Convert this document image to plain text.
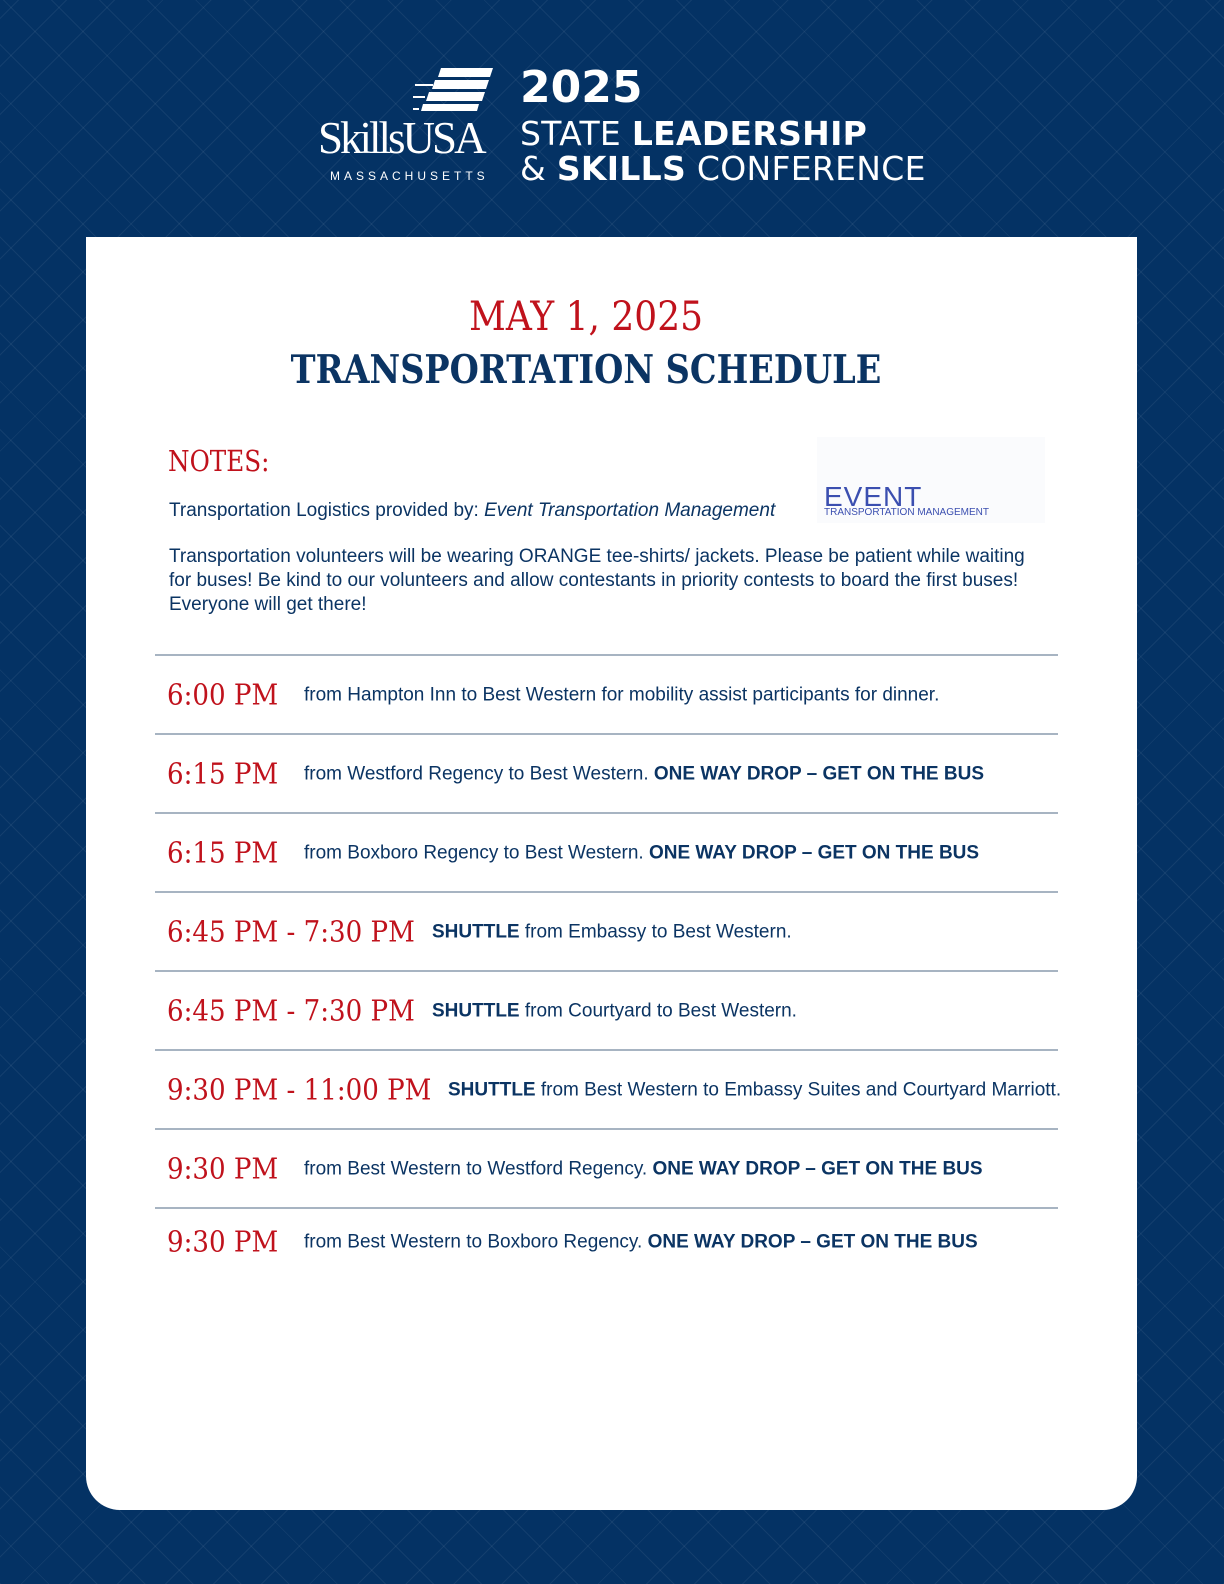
SkillsUSA
MASSACHUSETTS
2025
STATE LEADERSHIP
& SKILLS CONFERENCE
MAY 1, 2025
TRANSPORTATION SCHEDULE
NOTES:
Transportation Logistics provided by: Event Transportation Management EVENT
TRANSPORTATION MANAGEMENT
Transportation volunteers will be wearing ORANGE tee-shirts/ jackets. Please be patient while waiting for buses! Be kind to our volunteers and allow contestants in priority contests to board the first buses! Everyone will get there!
6:00 PM from Hampton Inn to Best Western for mobility assist participants for dinner.
6:15 PM from Westford Regency to Best Western. ONE WAY DROP – GET ON THE BUS
6:15 PM from Boxboro Regency to Best Western. ONE WAY DROP – GET ON THE BUS
6:45 PM - 7:30 PM SHUTTLE from Embassy to Best Western.
6:45 PM - 7:30 PM SHUTTLE from Courtyard to Best Western.
9:30 PM - 11:00 PM SHUTTLE from Best Western to Embassy Suites and Courtyard Marriott.
9:30 PM from Best Western to Westford Regency. ONE WAY DROP – GET ON THE BUS
9:30 PM from Best Western to Boxboro Regency. ONE WAY DROP – GET ON THE BUS
